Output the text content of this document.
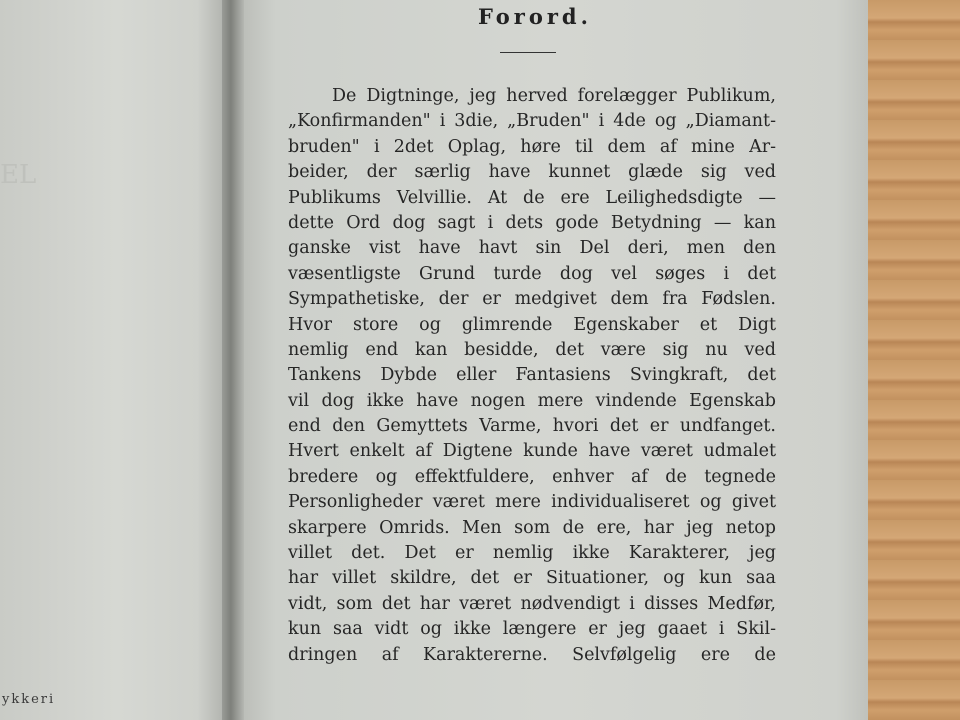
EL
ykkeri
Forord.
De Digtninge, jeg herved forelægger Publikum,
„Konfirmanden" i 3die, „Bruden" i 4de og „Diamant-
bruden" i 2det Oplag, høre til dem af mine Ar-
beider, der særlig have kunnet glæde sig ved
Publikums Velvillie. At de ere Leilighedsdigte —
dette Ord dog sagt i dets gode Betydning — kan
ganske vist have havt sin Del deri, men den
væsentligste Grund turde dog vel søges i det
Sympathetiske, der er medgivet dem fra Fødslen.
Hvor store og glimrende Egenskaber et Digt
nemlig end kan besidde, det være sig nu ved
Tankens Dybde eller Fantasiens Svingkraft, det
vil dog ikke have nogen mere vindende Egenskab
end den Gemyttets Varme, hvori det er undfanget.
Hvert enkelt af Digtene kunde have været udmalet
bredere og effektfuldere, enhver af de tegnede
Personligheder været mere individualiseret og givet
skarpere Omrids. Men som de ere, har jeg netop
villet det. Det er nemlig ikke Karakterer, jeg
har villet skildre, det er Situationer, og kun saa
vidt, som det har været nødvendigt i disses Medfør,
kun saa vidt og ikke længere er jeg gaaet i Skil-
dringen af Karaktererne. Selvfølgelig ere de
